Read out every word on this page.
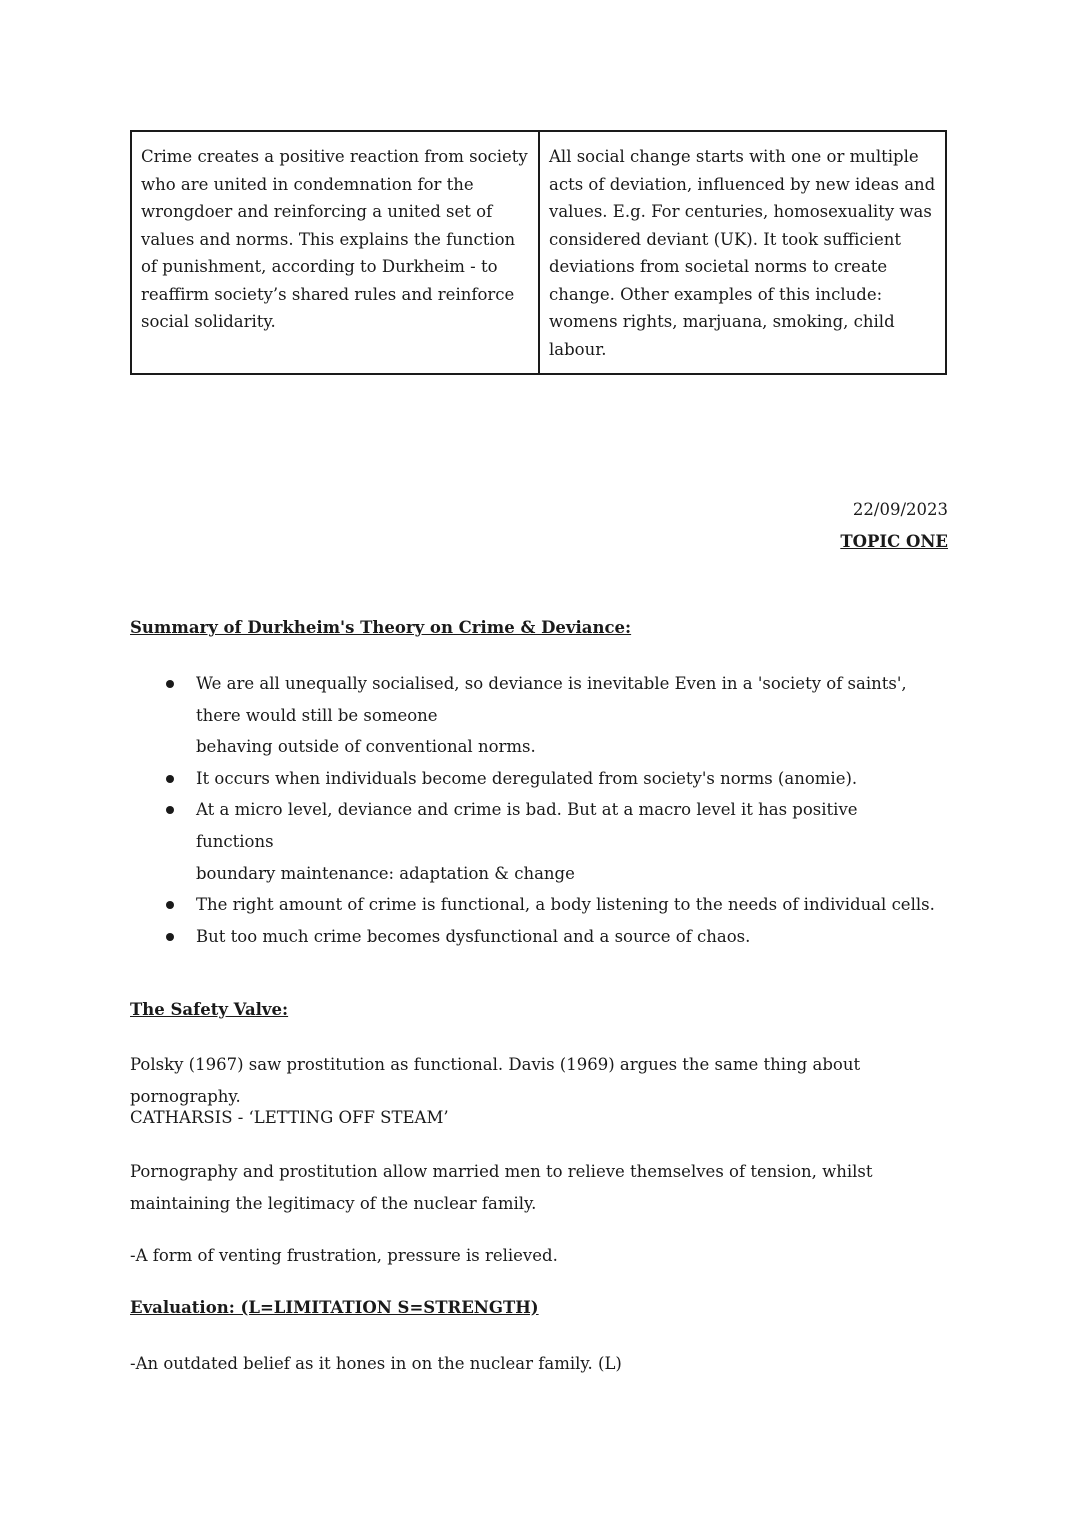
Crime creates a positive reaction from society who are united in condemnation for the wrongdoer and reinforcing a united set of values and norms. This explains the function of punishment, according to Durkheim - to reaffirm society’s shared rules and reinforce social solidarity.
All social change starts with one or multiple acts of deviation, influenced by new ideas and values. E.g. For centuries, homosexuality was considered deviant (UK). It took sufficient deviations from societal norms to create change. Other examples of this include: womens rights, marjuana, smoking, child labour.
22/09/2023
TOPIC ONE
Summary of Durkheim's Theory on Crime & Deviance:
We are all unequally socialised, so deviance is inevitable Even in a 'society of saints', there would still be someone
behaving outside of conventional norms.
It occurs when individuals become deregulated from society's norms (anomie).
At a micro level, deviance and crime is bad. But at a macro level it has positive functions
boundary maintenance: adaptation & change
The right amount of crime is functional, a body listening to the needs of individual cells.
But too much crime becomes dysfunctional and a source of chaos.
The Safety Valve:
Polsky (1967) saw prostitution as functional. Davis (1969) argues the same thing about pornography.
CATHARSIS - ‘LETTING OFF STEAM’
Pornography and prostitution allow married men to relieve themselves of tension, whilst maintaining the legitimacy of the nuclear family.
-A form of venting frustration, pressure is relieved.
Evaluation: (L=LIMITATION S=STRENGTH)
-An outdated belief as it hones in on the nuclear family. (L)
